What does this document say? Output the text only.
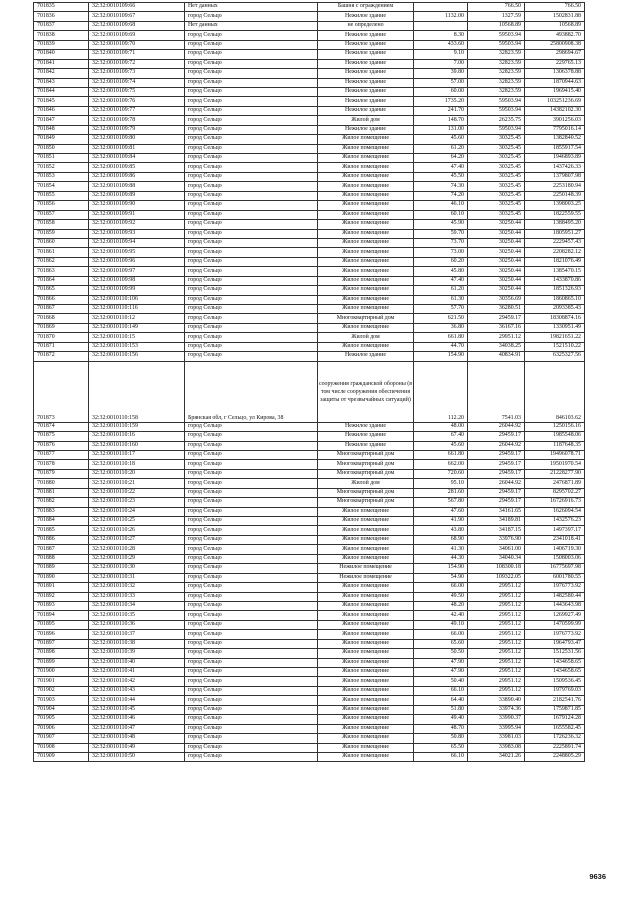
701835	32:32:0010109:66	Нет данных	Башня с ограждением		766.50	766.50
701836	32:32:0010109:67	город Сельцо	Нежилое здание	1132.00	1327.59	1502831.88
701837	32:32:0010109:68	Нет данных	не определено		10568.89	10568.89
701838	32:32:0010109:69	город Сельцо	Нежилое здание	8.30	59503.94	493882.70
701839	32:32:0010109:70	город Сельцо	Нежилое здание	433.60	59503.94	25800908.38
701840	32:32:0010109:71	город Сельцо	Нежилое здание	9.10	32823.59	298694.67
701841	32:32:0010109:72	город Сельцо	Нежилое здание	7.00	32823.59	229765.13
701842	32:32:0010109:73	город Сельцо	Нежилое здание	39.80	32823.59	1306378.88
701843	32:32:0010109:74	город Сельцо	Нежилое здание	57.00	32823.59	1870944.63
701844	32:32:0010109:75	город Сельцо	Нежилое здание	60.00	32823.59	1969415.40
701845	32:32:0010109:76	город Сельцо	Нежилое здание	1735.20	59503.94	103251236.69
701846	32:32:0010109:77	город Сельцо	Нежилое здание	241.70	59503.94	14382102.30
701847	32:32:0010109:78	город Сельцо	Жилой дом	148.70	26235.75	3901256.03
701848	32:32:0010109:79	город Сельцо	Нежилое здание	131.00	59503.94	7795016.14
701849	32:32:0010109:80	город Сельцо	Жилое помещение	45.60	30325.45	1382840.52
701850	32:32:0010109:81	город Сельцо	Жилое помещение	61.20	30325.45	1855917.54
701851	32:32:0010109:84	город Сельцо	Жилое помещение	64.20	30325.45	1946893.89
701852	32:32:0010109:85	город Сельцо	Жилое помещение	47.40	30325.45	1437426.33
701853	32:32:0010109:86	город Сельцо	Жилое помещение	45.50	30325.45	1379807.98
701854	32:32:0010109:88	город Сельцо	Жилое помещение	74.30	30325.45	2253180.94
701855	32:32:0010109:89	город Сельцо	Жилое помещение	74.20	30325.45	2250148.39
701856	32:32:0010109:90	город Сельцо	Жилое помещение	46.10	30325.45	1398003.25
701857	32:32:0010109:91	город Сельцо	Жилое помещение	60.10	30325.45	1822559.55
701858	32:32:0010109:92	город Сельцо	Жилое помещение	45.90	30250.44	1388495.20
701859	32:32:0010109:93	город Сельцо	Жилое помещение	59.70	30250.44	1805951.27
701860	32:32:0010109:94	город Сельцо	Жилое помещение	73.70	30250.44	2229457.43
701861	32:32:0010109:95	город Сельцо	Жилое помещение	73.00	30250.44	2208282.12
701862	32:32:0010109:96	город Сельцо	Жилое помещение	60.20	30250.44	1821076.49
701863	32:32:0010109:97	город Сельцо	Жилое помещение	45.80	30250.44	1385470.15
701864	32:32:0010109:98	город Сельцо	Жилое помещение	47.40	30250.44	1433870.86
701865	32:32:0010109:99	город Сельцо	Жилое помещение	61.20	30250.44	1851326.93
701866	32:32:0010110:106	город Сельцо	Жилое помещение	61.30	30356.69	1860865.10
701867	32:32:0010110:116	город Сельцо	Жилое помещение	57.70	36280.51	2093385.43
701868	32:32:0010110:12	город Сельцо	Многоквартирный дом	621.50	29459.17	18308874.16
701869	32:32:0010110:149	город Сельцо	Жилое помещение	36.80	36167.16	1330951.49
701870	32:32:0010110:15	город Сельцо	Жилой дом	661.80	29951.12	19821651.22
701871	32:32:0010110:153	город Сельцо	Жилое помещение	44.70	34038.25	1521510.22
701872	32:32:0010110:156	город Сельцо	Нежилое здание	154.90	40834.91	6325327.56
701873	32:32:0010110:158	Брянская обл, г Сельцо, ул Кирова, 38	сооружения гражданской обороны (в том числе сооружения обеспечения защиты от чрезвычайных ситуаций)	112.20	7541.03	846103.62
701874	32:32:0010110:159	город Сельцо	Нежилое здание	48.00	26044.92	1250156.16
701875	32:32:0010110:16	город Сельцо	Нежилое здание	67.40	29459.17	1985548.06
701876	32:32:0010110:160	город Сельцо	Нежилое здание	45.60	26044.92	1187648.35
701877	32:32:0010110:17	город Сельцо	Многоквартирный дом	661.80	29459.17	19496078.71
701878	32:32:0010110:18	город Сельцо	Многоквартирный дом	662.00	29459.17	19501970.54
701879	32:32:0010110:20	город Сельцо	Многоквартирный дом	720.60	29459.17	21228277.90
701880	32:32:0010110:21	город Сельцо	Жилой дом	95.10	26044.92	2476871.89
701881	32:32:0010110:22	город Сельцо	Многоквартирный дом	281.60	29459.17	8295702.27
701882	32:32:0010110:23	город Сельцо	Многоквартирный дом	567.80	29459.17	16726916.73
701883	32:32:0010110:24	город Сельцо	Жилое помещение	47.60	34161.65	1626094.54
701884	32:32:0010110:25	город Сельцо	Жилое помещение	41.90	34189.81	1432576.23
701885	32:32:0010110:26	город Сельцо	Жилое помещение	43.80	34187.15	1497397.17
701886	32:32:0010110:27	город Сельцо	Жилое помещение	68.90	33976.90	2341018.41
701887	32:32:0010110:28	город Сельцо	Жилое помещение	41.30	34061.00	1406719.30
701888	32:32:0010110:29	город Сельцо	Жилое помещение	44.30	34040.34	1508003.06
701889	32:32:0010110:30	город Сельцо	Нежилое помещение	154.90	108300.18	16775697.98
701890	32:32:0010110:31	город Сельцо	Нежилое помещение	54.90	109322.05	6001780.55
701891	32:32:0010110:32	город Сельцо	Жилое помещение	66.00	29951.12	1976773.92
701892	32:32:0010110:33	город Сельцо	Жилое помещение	49.50	29951.12	1482580.44
701893	32:32:0010110:34	город Сельцо	Жилое помещение	48.20	29951.12	1443643.98
701894	32:32:0010110:35	город Сельцо	Жилое помещение	42.40	29951.12	1269927.49
701895	32:32:0010110:36	город Сельцо	Жилое помещение	49.10	29951.12	1470599.99
701896	32:32:0010110:37	город Сельцо	Жилое помещение	66.00	29951.12	1976773.92
701897	32:32:0010110:38	город Сельцо	Жилое помещение	65.60	29951.12	1964793.47
701898	32:32:0010110:39	город Сельцо	Жилое помещение	50.50	29951.12	1512531.56
701899	32:32:0010110:40	город Сельцо	Жилое помещение	47.90	29951.12	1434658.65
701900	32:32:0010110:41	город Сельцо	Жилое помещение	47.90	29951.12	1434658.65
701901	32:32:0010110:42	город Сельцо	Жилое помещение	50.40	29951.12	1509536.45
701902	32:32:0010110:43	город Сельцо	Жилое помещение	66.10	29951.12	1979769.03
701903	32:32:0010110:44	город Сельцо	Жилое помещение	64.40	33890.40	2182541.76
701904	32:32:0010110:45	город Сельцо	Жилое помещение	51.80	33974.36	1759871.85
701905	32:32:0010110:46	город Сельцо	Жилое помещение	49.40	33990.37	1679124.28
701906	32:32:0010110:47	город Сельцо	Жилое помещение	48.70	33995.94	1655582.45
701907	32:32:0010110:48	город Сельцо	Жилое помещение	50.80	33981.03	1726236.32
701908	32:32:0010110:49	город Сельцо	Жилое помещение	65.50	33983.08	2225891.74
701909	32:32:0010110:50	город Сельцо	Жилое помещение	66.10	34021.26	2248805.29
9636
